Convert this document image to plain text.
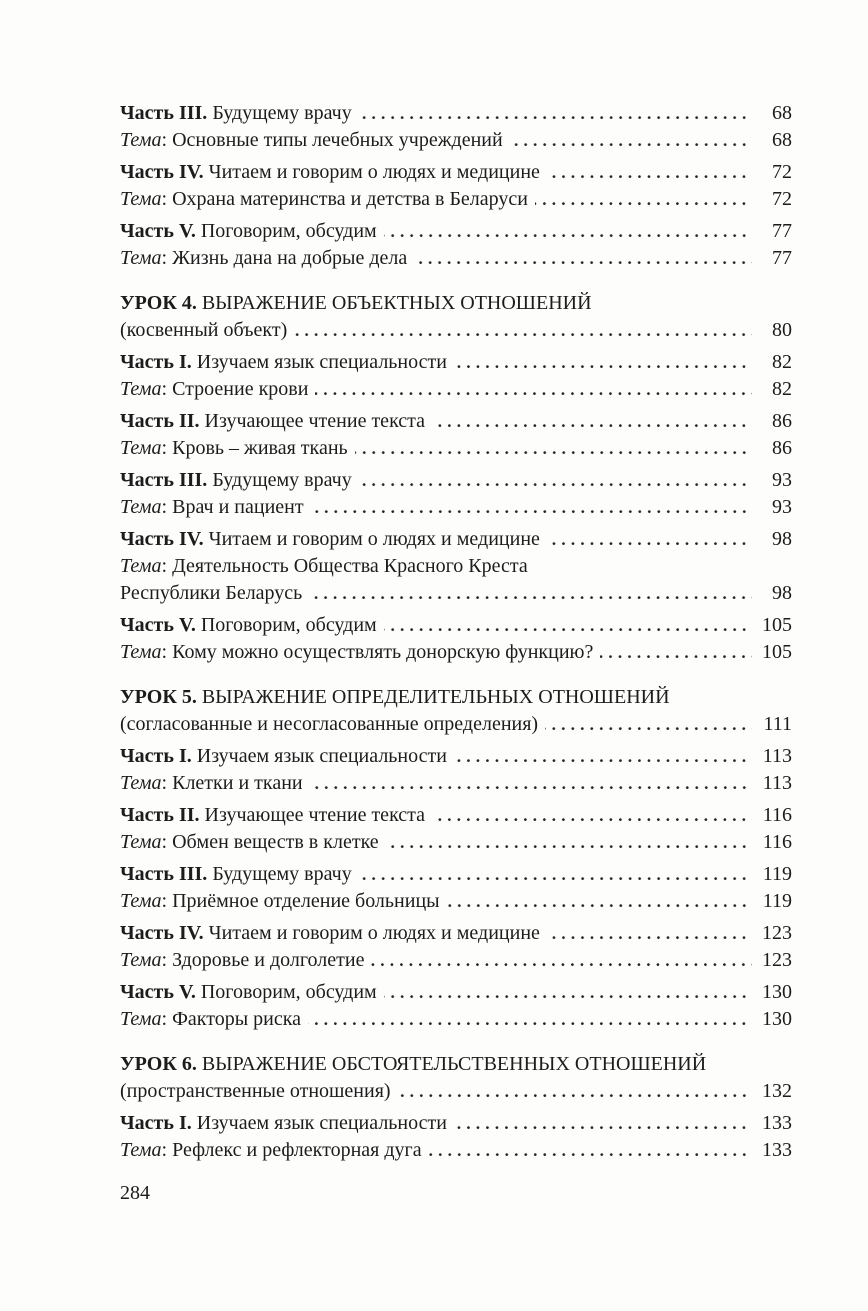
Часть III. Будущему врачу	68
Тема: Основные типы лечебных учреждений	68
Часть IV. Читаем и говорим о людях и медицине	72
Тема: Охрана материнства и детства в Беларуси	72
Часть V. Поговорим, обсудим	77
Тема: Жизнь дана на добрые дела	77
УРОК 4. ВЫРАЖЕНИЕ ОБЪЕКТНЫХ ОТНОШЕНИЙ
(косвенный объект)	80
Часть I. Изучаем язык специальности	82
Тема: Строение крови	82
Часть II. Изучающее чтение текста	86
Тема: Кровь – живая ткань	86
Часть III. Будущему врачу	93
Тема: Врач и пациент	93
Часть IV. Читаем и говорим о людях и медицине	98
Тема: Деятельность Общества Красного Креста
Республики Беларусь	98
Часть V. Поговорим, обсудим	105
Тема: Кому можно осуществлять донорскую функцию?	105
УРОК 5. ВЫРАЖЕНИЕ ОПРЕДЕЛИТЕЛЬНЫХ ОТНОШЕНИЙ
(согласованные и несогласованные определения)	111
Часть I. Изучаем язык специальности	113
Тема: Клетки и ткани	113
Часть II. Изучающее чтение текста	116
Тема: Обмен веществ в клетке	116
Часть III. Будущему врачу	119
Тема: Приёмное отделение больницы	119
Часть IV. Читаем и говорим о людях и медицине	123
Тема: Здоровье и долголетие	123
Часть V. Поговорим, обсудим	130
Тема: Факторы риска	130
УРОК 6. ВЫРАЖЕНИЕ ОБСТОЯТЕЛЬСТВЕННЫХ ОТНОШЕНИЙ
(пространственные отношения)	132
Часть I. Изучаем язык специальности	133
Тема: Рефлекс и рефлекторная дуга	133
284
